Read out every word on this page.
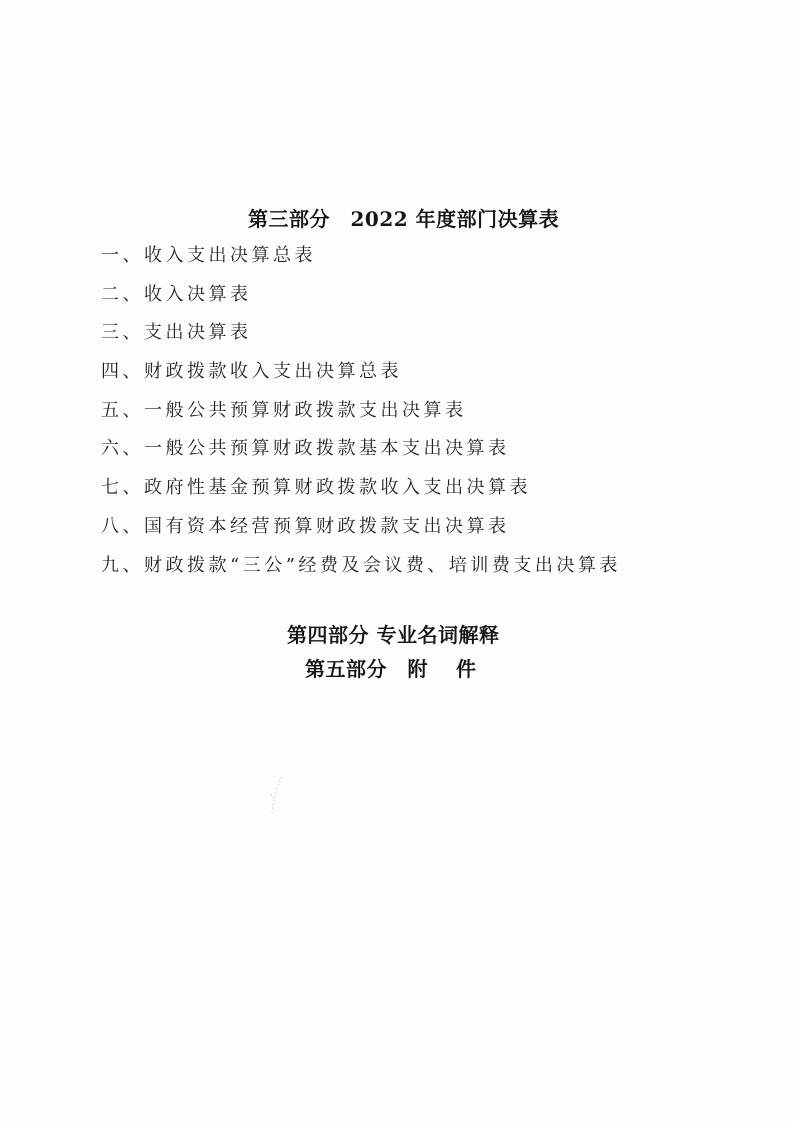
第三部分　2022 年度部门决算表
一、收入支出决算总表
二、收入决算表
三、支出决算表
四、财政拨款收入支出决算总表
五、一般公共预算财政拨款支出决算表
六、一般公共预算财政拨款基本支出决算表
七、政府性基金预算财政拨款收入支出决算表
八、国有资本经营预算财政拨款支出决算表
九、财政拨款“三公”经费及会议费、培训费支出决算表
第四部分 专业名词解释
第五部分　附　 件
